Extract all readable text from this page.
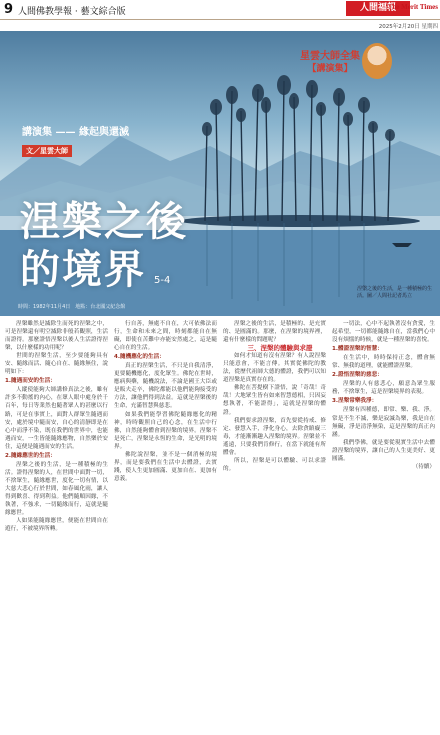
9 人間佛教學報 · 藝文綜合版	人間福報
The Merit Times
2025年2月20日 星期四
星雲大師全集
【講演集】
講演集 —— 緣起與還滅
文／星雲大師
涅槃之後
的境界 5-4
時間：1982年11月4日　地點：台北國父紀念館
涅槃之後的生活，是一種積極的生
活。圖／人間社記者馬立

涅槃雖然是滅除生而死的涅槃之中，可是涅槃還有明空滅除非般若觀照，生活而證得。那麼證悟涅槃以後人生活證得涅槃，以什麼樣的功用呢？

世間的涅槃生活，至少要能夠具有安、隨緣而活、隨心自在、隨緣無住，說明如下：

1.隨遇而安的生活：

人縱使能夠大師講修真法之後，雖有許多不動搖的內心，在眾人眼中處身於千百年，每日等業然也隨著眾人的甚麼以行路，可是在事實上，面對人群眾生隨遇而安，處於境中隨而安，自心的清靜即是在心中而淨不染，既在我們的世界中，也能遇而安，一生皆能隨緣應物，自然樂於安住，這便是隨遇而安的生活。

2.隨緣應世的生活：

涅槃之後的生活，是一種積極的生活。證得涅槃的人，在世間中面對一切，不捨眾生，隨緣應世，度化一切有情，以大慈大悲心行於世間，如春風化雨，讓人得到歡喜、得到利益。他們隨順因緣，不執著，不強求，一切隨緣而行，這就是隨緣應世。

人如果能隨緣應世，便能在世間自在遊行，不被境界所轉。

行自善，無處不自在，大可依佛法而行，生命和未來之間，時刻都能自在無礙，即使在苦難中亦能安然處之，這是隨心自在的生活。

4.隨機應化的生活：

真正的涅槃生活，不只是自我清淨，更要隨機應化，度化眾生。佛陀在世時，應病與藥，隨機說法，不論是國王大臣或是販夫走卒，佛陀都能以他們能夠接受的方法，讓他們得到法益。這就是涅槃後的生命，充滿智慧與慈悲。

如果我們能學習佛陀隨緣應化的精神，時時觀照自己的心念，在生活中行佛，自然能夠體會到涅槃的境界。涅槃不是死亡，涅槃是永恆的生命，是光明的境界。

佛陀說涅槃，並不是一個消極的境界，而是要我們在生活中去體證，去實踐，使人生更加圓滿、更加自在、更加有意義。

涅槃之後的生活，是積極的、是充實的、是圓滿的。那麼，在涅槃的境界裡，還有什麼樣的問題呢？

三、涅槃的體驗與求證

如何才知道有沒有涅槃？有人說涅槃只能意會，不能言傳。其實從佛陀的教法，從歷代祖師大德的體證，我們可以知道涅槃是真實存在的。

佛陀在菩提樹下證悟，說「奇哉！奇哉！大地眾生皆有如來智慧德相，只因妄想執著，不能證得」，這就是涅槃的體證。

我們要求證涅槃，首先要從持戒、修定、發慧入手，淨化身心，去除貪瞋癡三毒，才能漸漸趣入涅槃的境界。涅槃並不遙遠，只要我們肯修行，在當下就能有所體會。

所以，涅槃是可以體驗、可以求證的。

一切法，心中不起執著沒有貪愛，生起希望，一切都能隨緣自在，當我們心中沒有煩惱的時候，就是一種涅槃的喜悅。

1.體證涅槃的智慧：

在生活中，時時保持正念，體會無常、無我的道理，就能體證涅槃。

2.證悟涅槃的慈悲：

涅槃的人有慈悲心，願意為眾生服務，不捨眾生，這是涅槃境界的表現。

3.涅槃常樂我淨：

涅槃有四種德，即常、樂、我、淨。常是不生不滅，樂是寂滅為樂，我是自在無礙，淨是清淨無染，這是涅槃的真正內涵。

我們學佛，就是要從現實生活中去體證涅槃的境界，讓自己的人生更美好、更圓滿。

（待續）
